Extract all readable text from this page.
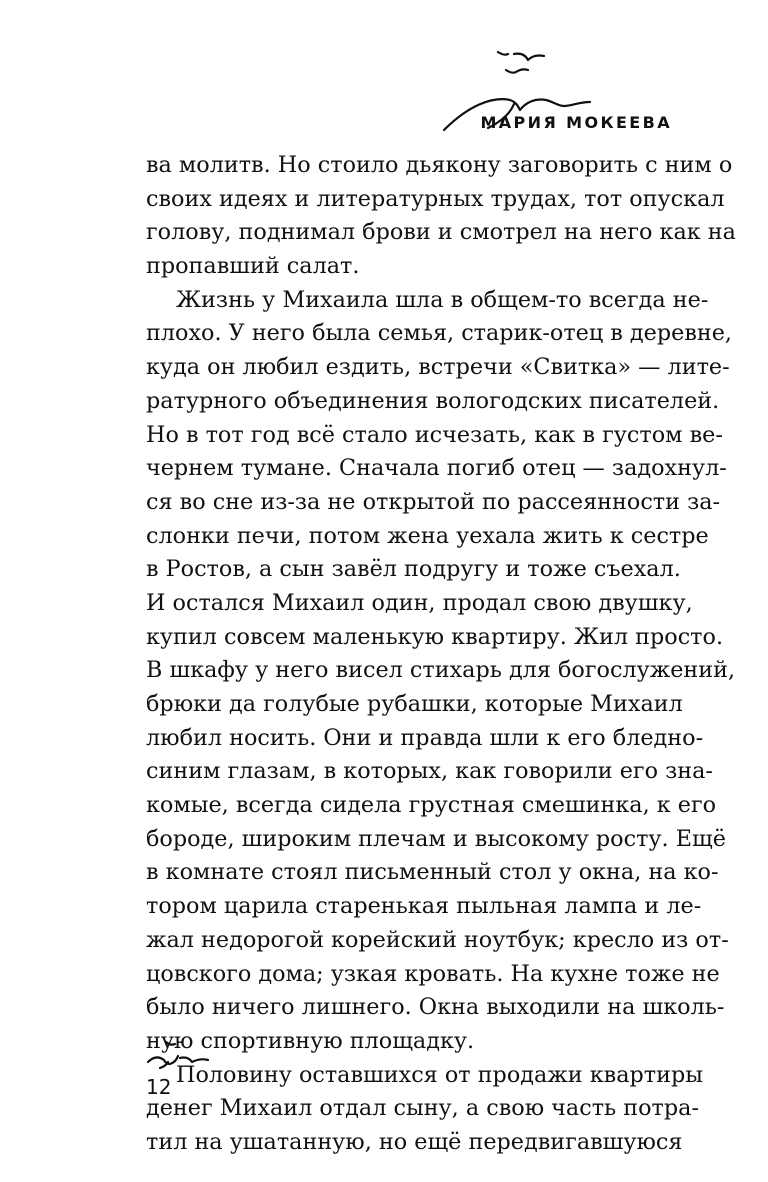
МАРИЯ МОКЕЕВА
ва молитв. Но стоило дьякону заговорить с ним о
своих идеях и литературных трудах, тот опускал
голову, поднимал брови и смотрел на него как на
пропавший салат.
Жизнь у Михаила шла в общем-то всегда не-
плохо. У него была семья, старик-отец в деревне,
куда он любил ездить, встречи «Свитка» — лите-
ратурного объединения вологодских писателей.
Но в тот год всё стало исчезать, как в густом ве-
чернем тумане. Сначала погиб отец — задохнул-
ся во сне из-за не открытой по рассеянности за-
слонки печи, потом жена уехала жить к сестре
в Ростов, а сын завёл подругу и тоже съехал.
И остался Михаил один, продал свою двушку,
купил совсем маленькую квартиру. Жил просто.
В шкафу у него висел стихарь для богослужений,
брюки да голубые рубашки, которые Михаил
любил носить. Они и правда шли к его бледно-
синим глазам, в которых, как говорили его зна-
комые, всегда сидела грустная смешинка, к его
бороде, широким плечам и высокому росту. Ещё
в комнате стоял письменный стол у окна, на ко-
тором царила старенькая пыльная лампа и ле-
жал недорогой корейский ноутбук; кресло из от-
цовского дома; узкая кровать. На кухне тоже не
было ничего лишнего. Окна выходили на школь-
ную спортивную площадку.
Половину оставшихся от продажи квартиры
денег Михаил отдал сыну, а свою часть потра-
тил на ушатанную, но ещё передвигавшуюся
12
